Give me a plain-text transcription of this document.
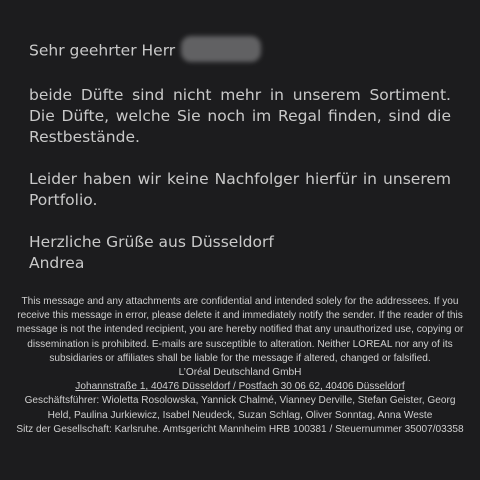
Sehr geehrter Herr
beide Düfte sind nicht mehr in unserem Sortiment. Die Düfte, welche Sie noch im Regal finden, sind die Restbestände.
Leider haben wir keine Nachfolger hierfür in unserem Portfolio.
Herzliche Grüße aus Düsseldorf
Andrea
This message and any attachments are confidential and intended solely for the addressees. If you receive this message in error, please delete it and immediately notify the sender. If the reader of this message is not the intended recipient, you are hereby notified that any unauthorized use, copying or dissemination is prohibited. E-mails are susceptible to alteration. Neither LOREAL nor any of its subsidiaries or affiliates shall be liable for the message if altered, changed or falsified.
L’Oréal Deutschland GmbH
Johannstraße 1, 40476 Düsseldorf / Postfach 30 06 62, 40406 Düsseldorf
Geschäftsführer: Wioletta Rosolowska, Yannick Chalmé, Vianney Derville, Stefan Geister, Georg Held, Paulina Jurkiewicz, Isabel Neudeck, Suzan Schlag, Oliver Sonntag, Anna Weste
Sitz der Gesellschaft: Karlsruhe. Amtsgericht Mannheim HRB 100381 / Steuernummer 35007/03358
